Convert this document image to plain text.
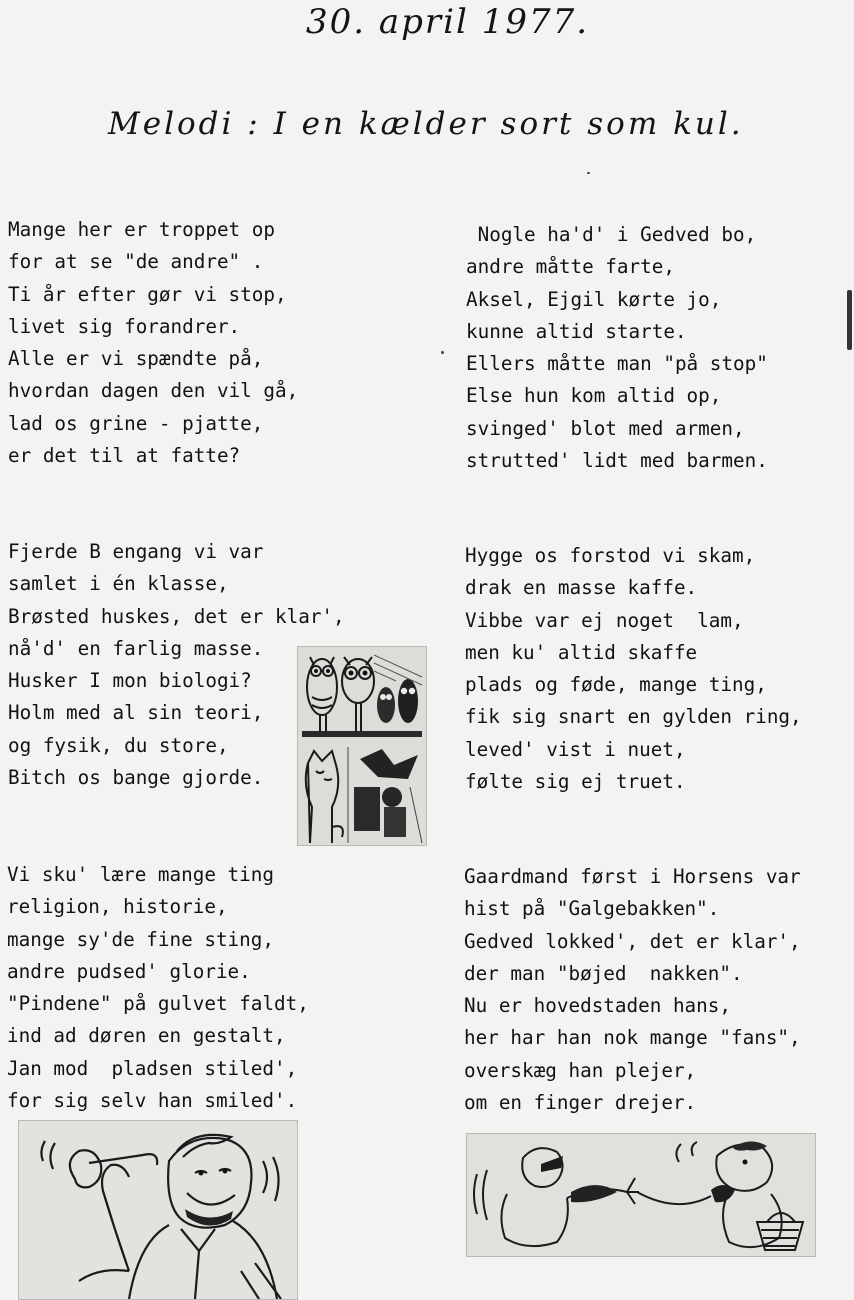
30. april 1977.
Melodi : I en kælder sort som kul.
Mange her er troppet op
for at se "de andre" .
Ti år efter gør vi stop,
livet sig forandrer.
Alle er vi spændte på,
hvordan dagen den vil gå,
lad os grine - pjatte,
er det til at fatte?
Nogle ha'd' i Gedved bo,
andre måtte farte,
Aksel, Ejgil kørte jo,
kunne altid starte.
Ellers måtte man "på stop"
Else hun kom altid op,
svinged' blot med armen,
strutted' lidt med barmen.
Fjerde B engang vi var
samlet i én klasse,
Brøsted huskes, det er klar',
nå'd' en farlig masse.
Husker I mon biologi?
Holm med al sin teori,
og fysik, du store,
Bitch os bange gjorde.
Hygge os forstod vi skam,
drak en masse kaffe.
Vibbe var ej noget  lam,
men ku' altid skaffe
plads og føde, mange ting,
fik sig snart en gylden ring,
leved' vist i nuet,
følte sig ej truet.
Vi sku' lære mange ting
religion, historie,
mange sy'de fine sting,
andre pudsed' glorie.
"Pindene" på gulvet faldt,
ind ad døren en gestalt,
Jan mod  pladsen stiled',
for sig selv han smiled'.
Gaardmand først i Horsens var
hist på "Galgebakken".
Gedved lokked', det er klar',
der man "bøjed  nakken".
Nu er hovedstaden hans,
her har han nok mange "fans",
overskæg han plejer,
om en finger drejer.
